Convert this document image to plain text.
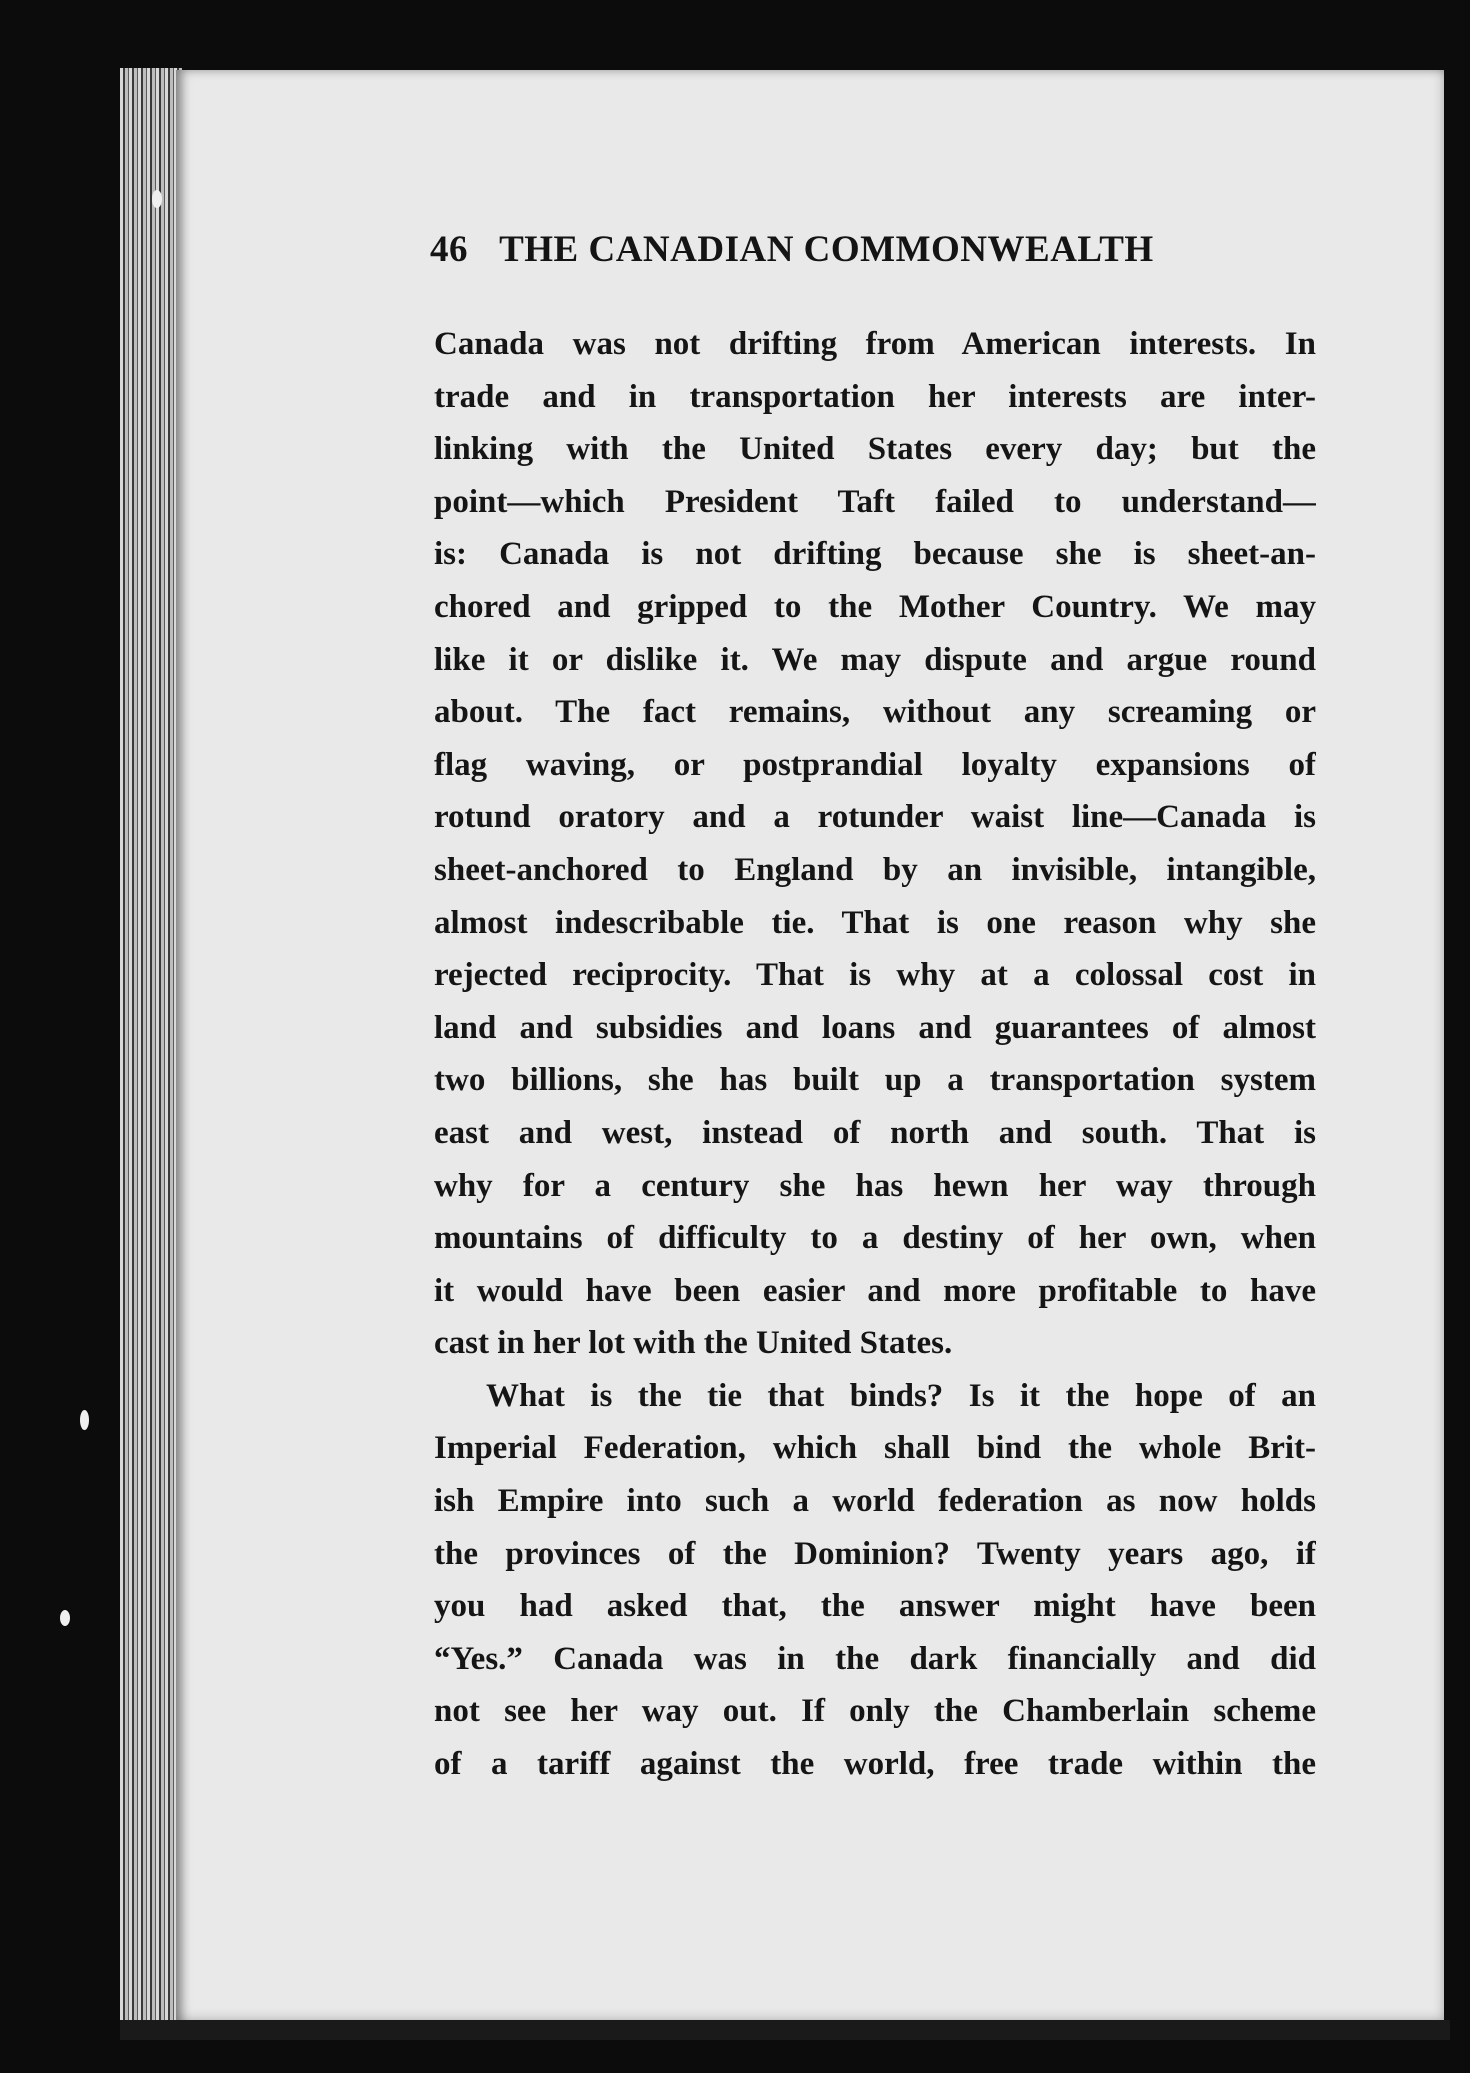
46 THE CANADIAN COMMONWEALTH
Canada was not drifting from American interests. In
trade and in transportation her interests are inter-
linking with the United States every day; but the
point—which President Taft failed to understand—
is: Canada is not drifting because she is sheet-an-
chored and gripped to the Mother Country. We may
like it or dislike it. We may dispute and argue round
about. The fact remains, without any screaming or
flag waving, or postprandial loyalty expansions of
rotund oratory and a rotunder waist line—Canada is
sheet-anchored to England by an invisible, intangible,
almost indescribable tie. That is one reason why she
rejected reciprocity. That is why at a colossal cost in
land and subsidies and loans and guarantees of almost
two billions, she has built up a transportation system
east and west, instead of north and south. That is
why for a century she has hewn her way through
mountains of difficulty to a destiny of her own, when
it would have been easier and more profitable to have
cast in her lot with the United States.
What is the tie that binds? Is it the hope of an
Imperial Federation, which shall bind the whole Brit-
ish Empire into such a world federation as now holds
the provinces of the Dominion? Twenty years ago, if
you had asked that, the answer might have been
“Yes.” Canada was in the dark financially and did
not see her way out. If only the Chamberlain scheme
of a tariff against the world, free trade within the
